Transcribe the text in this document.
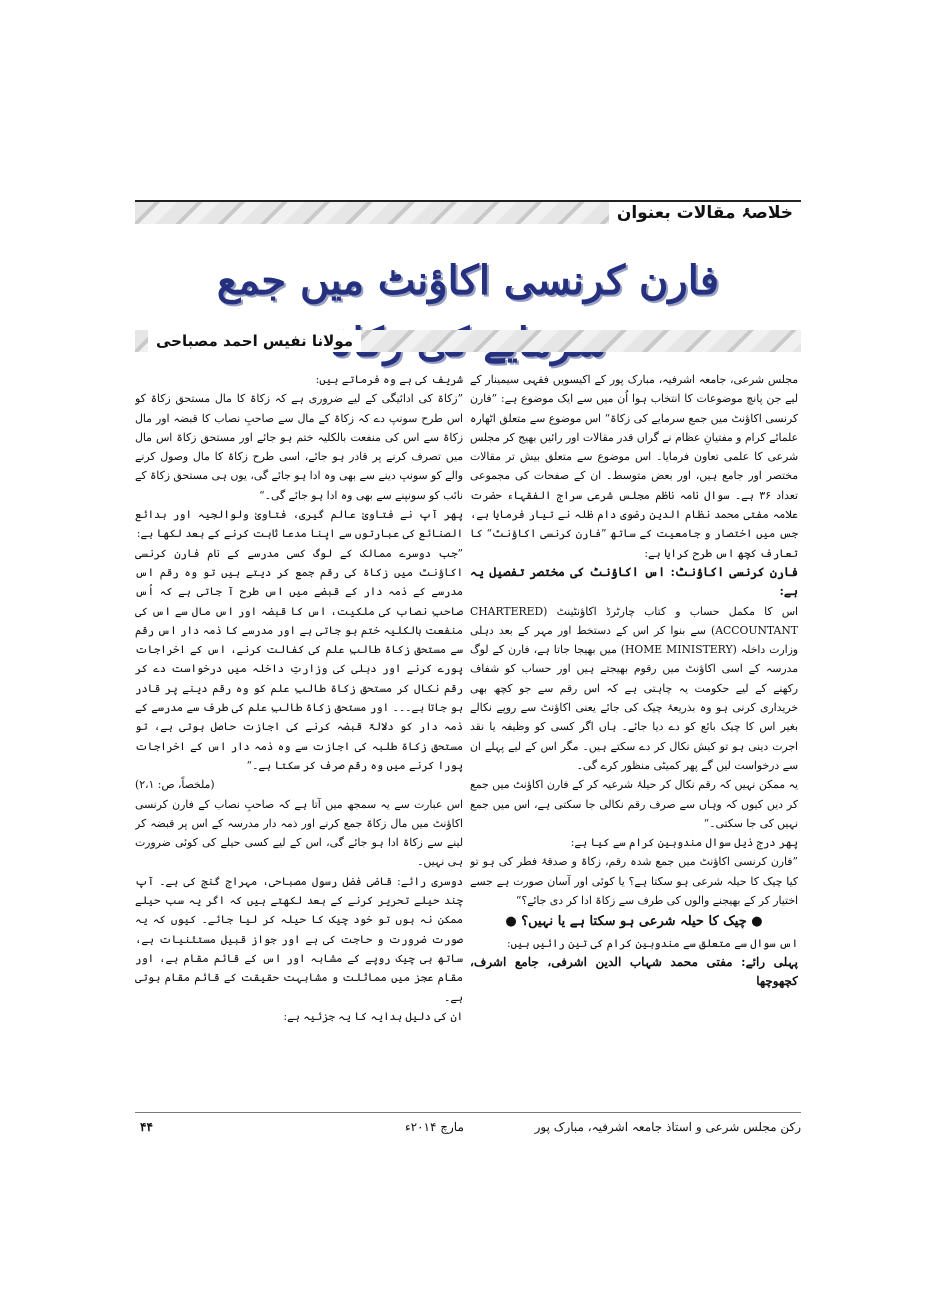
خلاصۂ مقالات بعنوان
فارن کرنسی اکاؤنٹ میں جمع
مولانا نفیس احمد مصباحی

مجلس شرعی، جامعہ اشرفیہ، مبارک پور کے اکیسویں فقہی سیمینار کے لیے جن پانچ موضوعات کا انتخاب ہوا اُن میں سے ایک موضوع ہے: ”فارن کرنسی اکاؤنٹ میں جمع سرمایے کی زکاۃ“ اس موضوع سے متعلق اٹھارہ علمائے کرام و مفتیانِ عظام نے گراں قدر مقالات اور رائیں بھیج کر مجلس شرعی کا علمی تعاون فرمایا۔ اس موضوع سے متعلق بیش تر مقالات مختصر اور جامع ہیں، اور بعض متوسط۔ ان کے صفحات کی مجموعی تعداد ۳۶ ہے۔ سوال نامہ ناظم مجلس شرعی سراج الفقہاء حضرت علامہ مفتی محمد نظام الدین رضوی دام ظلہ نے تیار فرمایا ہے، جس میں اختصار و جامعیت کے ساتھ ”فارن کرنسی اکاؤنٹ“ کا تعارف کچھ اس طرح کرایا ہے:

فارن کرنسی اکاؤنٹ: اس اکاؤنٹ کی مختصر تفصیل یہ ہے:

اس کا مکمل حساب و کتاب چارٹرڈ اکاؤنٹینٹ (CHARTERED ACCOUNTANT) سے بنوا کر اس کے دستخط اور مہر کے بعد دہلی وزارت داخلہ (HOME MINISTERY) میں بھیجا جاتا ہے، فارن کے لوگ مدرسہ کے اسی اکاؤنٹ میں رقوم بھیجتے ہیں اور حساب کو شفاف رکھنے کے لیے حکومت یہ چاہتی ہے کہ اس رقم سے جو کچھ بھی خریداری کرنی ہو وہ بذریعۂ چیک کی جائے یعنی اکاؤنٹ سے روپے نکالے بغیر اس کا چیک بائع کو دے دیا جائے۔ ہاں اگر کسی کو وظیفہ یا نقد اجرت دینی ہو تو کیش نکال کر دے سکتے ہیں۔ مگر اس کے لیے پہلے ان سے درخواست لیں گے پھر کمیٹی منظور کرے گی۔

یہ ممکن نہیں کہ رقم نکال کر حیلۂ شرعیہ کر کے فارن اکاؤنٹ میں جمع کر دیں کیوں کہ وہاں سے صرف رقم نکالی جا سکتی ہے، اس میں جمع نہیں کی جا سکتی۔“

پھر درج ذیل سوال مندوبین کرام سے کیا ہے:

”فارن کرنسی اکاؤنٹ میں جمع شدہ رقم، زکاۃ و صدقۂ فطر کی ہو تو کیا چیک کا حیلہ شرعی ہو سکتا ہے؟ یا کوئی اور آسان صورت ہے جسے اختیار کر کے بھیجنے والوں کی طرف سے زکاۃ ادا کر دی جائے؟“

● چیک کا حیلہ شرعی ہو سکتا ہے یا نہیں؟ ●

اس سوال سے متعلق سے مندوبین کرام کی تین رائیں ہیں:

پہلی رائے: مفتی محمد شہاب الدین اشرفی، جامع اشرف، کچھوچھا

شریف کی ہے وہ فرماتے ہیں:

”زکاۃ کی ادائیگی کے لیے ضروری ہے کہ زکاۃ کا مال مستحق زکاۃ کو اس طرح سونپ دے کہ زکاۃ کے مال سے صاحبِ نصاب کا قبضہ اور مال زکاۃ سے اس کی منفعت بالکلیہ ختم ہو جائے اور مستحق زکاۃ اس مال میں تصرف کرنے پر قادر ہو جائے، اسی طرح زکاۃ کا مال وصول کرنے والے کو سونپ دینے سے بھی وہ ادا ہو جائے گی، یوں ہی مستحق زکاۃ کے نائب کو سونپنے سے بھی وہ ادا ہو جائے گی۔“

پھر آپ نے فتاویٰ عالم گیری، فتاویٰ ولوالجیہ اور بدائع الصنائع کی عبارتوں سے اپنا مدعا ثابت کرنے کے بعد لکھا ہے:

”جب دوسرے ممالک کے لوگ کسی مدرسے کے نام فارن کرنسی اکاؤنٹ میں زکاۃ کی رقم جمع کر دیتے ہیں تو وہ رقم اس مدرسے کے ذمہ دار کے قبضے میں اس طرح آ جاتی ہے کہ اُس صاحبِ نصاب کی ملکیت، اس کا قبضہ اور اس مال سے اس کی منفعت بالکلیہ ختم ہو جاتی ہے اور مدرسے کا ذمہ دار اس رقم سے مستحق زکاۃ طالبِ علم کی کفالت کرنے، اس کے اخراجات پورے کرنے اور دہلی کی وزارتِ داخلہ میں درخواست دے کر رقم نکال کر مستحق زکاۃ طالبِ علم کو وہ رقم دینے پر قادر ہو جاتا ہے۔۔۔ اور مستحق زکاۃ طالبِ علم کی طرف سے مدرسے کے ذمہ دار کو دلالۃً قبضہ کرنے کی اجازت حاصل ہوتی ہے، تو مستحق زکاۃ طلبہ کی اجازت سے وہ ذمہ دار اس کے اخراجات پورا کرنے میں وہ رقم صرف کر سکتا ہے۔“

(ملخصاً، ص: ۲،۱)

اس عبارت سے یہ سمجھ میں آتا ہے کہ صاحبِ نصاب کے فارن کرنسی اکاؤنٹ میں مال زکاۃ جمع کرنے اور ذمہ دار مدرسہ کے اس پر قبضہ کر لینے سے زکاۃ ادا ہو جائے گی، اس کے لیے کسی حیلے کی کوئی ضرورت ہی نہیں۔

دوسری رائے: قاضی فضل رسول مصباحی، مہراج گنج کی ہے۔ آپ چند حیلے تحریر کرنے کے بعد لکھتے ہیں کہ اگر یہ سب حیلے ممکن نہ ہوں تو خود چیک کا حیلہ کر لیا جائے۔ کیوں کہ یہ صورت ضرورت و حاجت کی ہے اور جواز قبیل مستثنیات ہے، ساتھ ہی چیک روپے کے مشابہ اور اس کے قائم مقام ہے، اور مقام عجز میں مماثلت و مشابہت حقیقت کے قائم مقام ہوتی ہے۔

ان کی دلیل ہدایہ کا یہ جزئیہ ہے:

رکن مجلس شرعی و استاذ جامعہ اشرفیہ، مبارک پور
مارچ ۲۰۱۴ء
۴۴
